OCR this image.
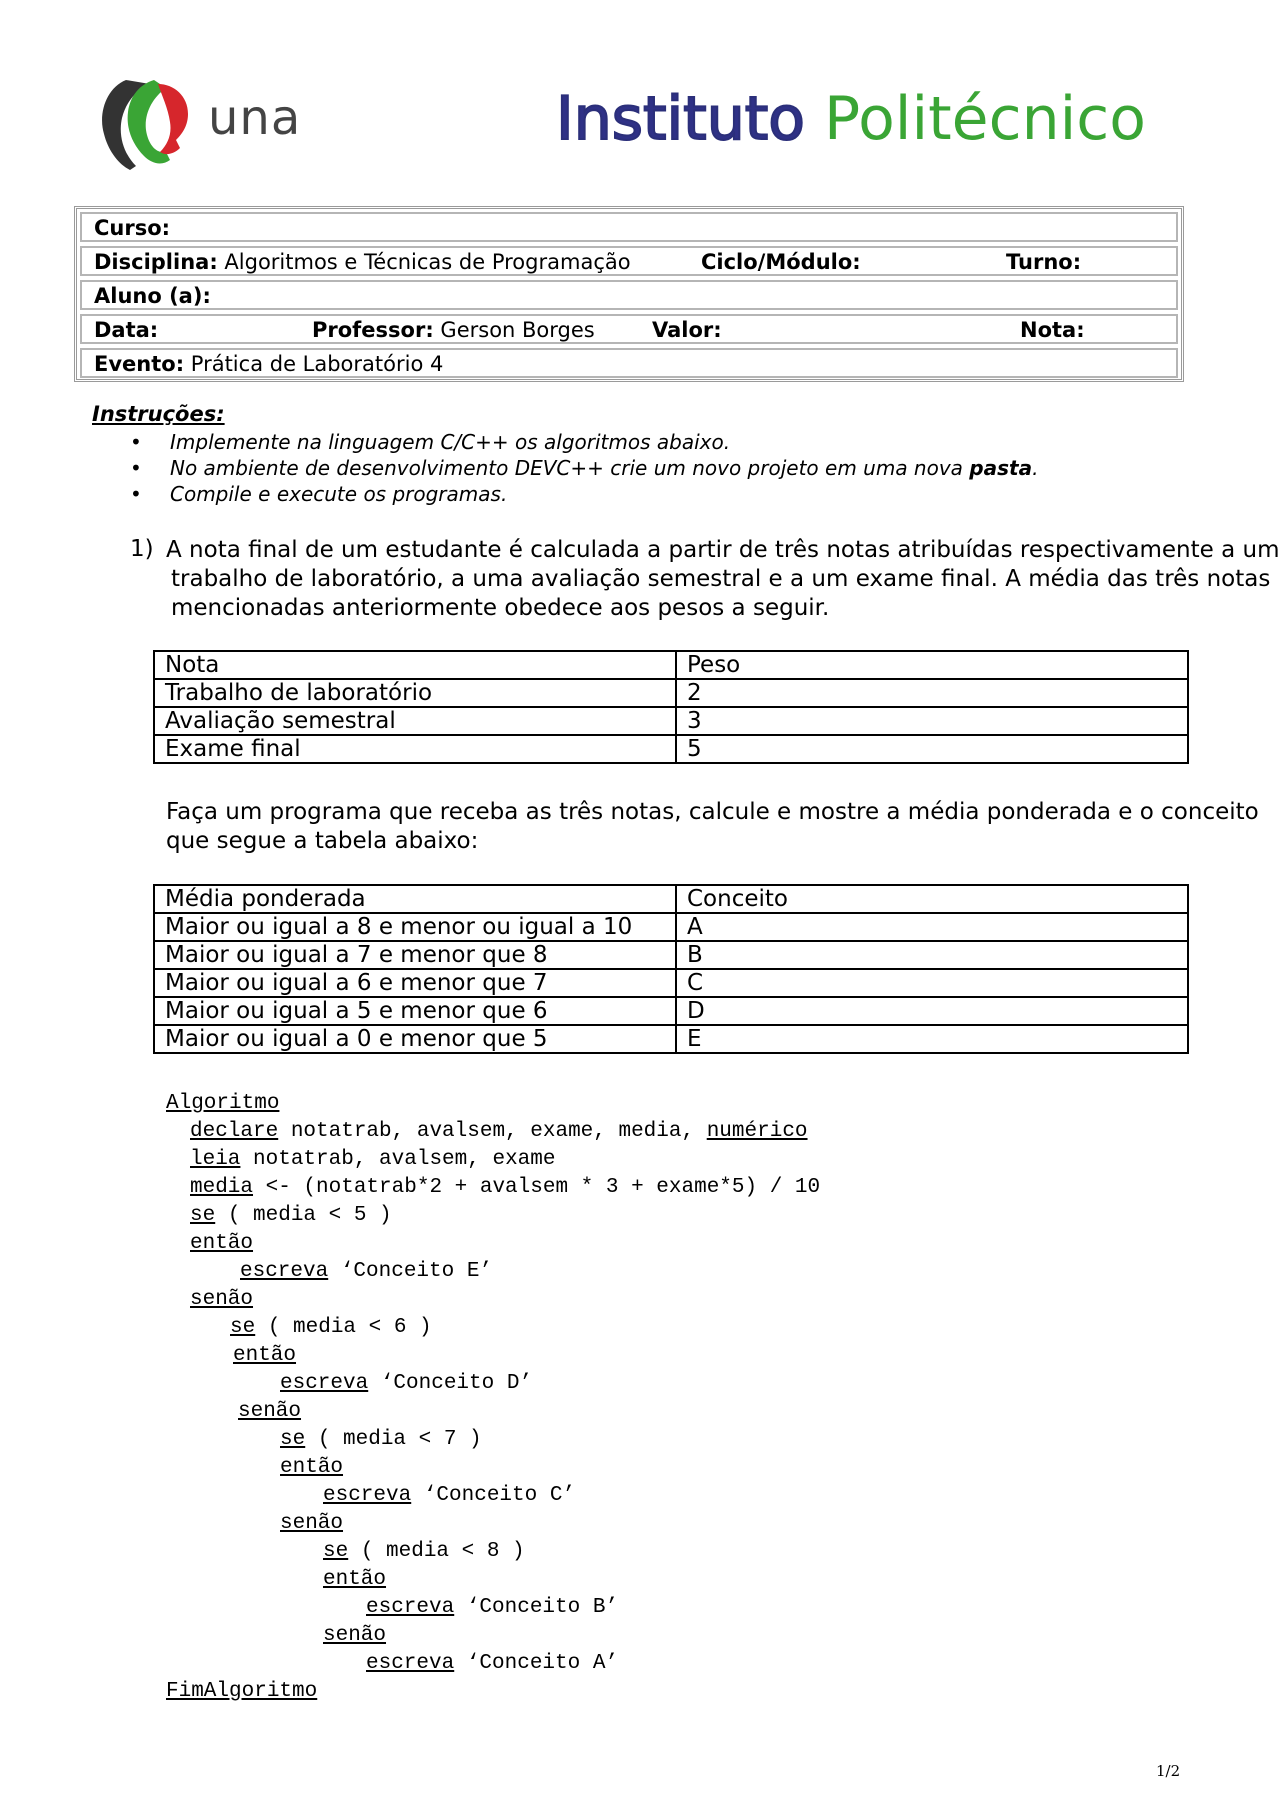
una	Instituto Politécnico
Curso:
Disciplina: Algoritmos e Técnicas de Programação	Ciclo/Módulo:	Turno:
Aluno (a):
Data:	Professor: Gerson Borges	Valor:	Nota:
Evento: Prática de Laboratório 4
Instruções:
• Implemente na linguagem C/C++ os algoritmos abaixo.
• No ambiente de desenvolvimento DEVC++ crie um novo projeto em uma nova pasta.
• Compile e execute os programas.
1) A nota final de um estudante é calculada a partir de três notas atribuídas respectivamente a um
trabalho de laboratório, a uma avaliação semestral e a um exame final. A média das três notas
mencionadas anteriormente obedece aos pesos a seguir.
Nota	Peso
Trabalho de laboratório	2
Avaliação semestral	3
Exame final	5
Faça um programa que receba as três notas, calcule e mostre a média ponderada e o conceito
que segue a tabela abaixo:
Média ponderada	Conceito
Maior ou igual a 8 e menor ou igual a 10	A
Maior ou igual a 7 e menor que 8	B
Maior ou igual a 6 e menor que 7	C
Maior ou igual a 5 e menor que 6	D
Maior ou igual a 0 e menor que 5	E
Algoritmo
declare notatrab, avalsem, exame, media, numérico
leia notatrab, avalsem, exame
media <- (notatrab*2 + avalsem * 3 + exame*5) / 10
se ( media < 5 )
então
escreva ‘Conceito E’
senão
se ( media < 6 )
então
escreva ‘Conceito D’
senão
se ( media < 7 )
então
escreva ‘Conceito C’
senão
se ( media < 8 )
então
escreva ‘Conceito B’
senão
escreva ‘Conceito A’
FimAlgoritmo
1/2
